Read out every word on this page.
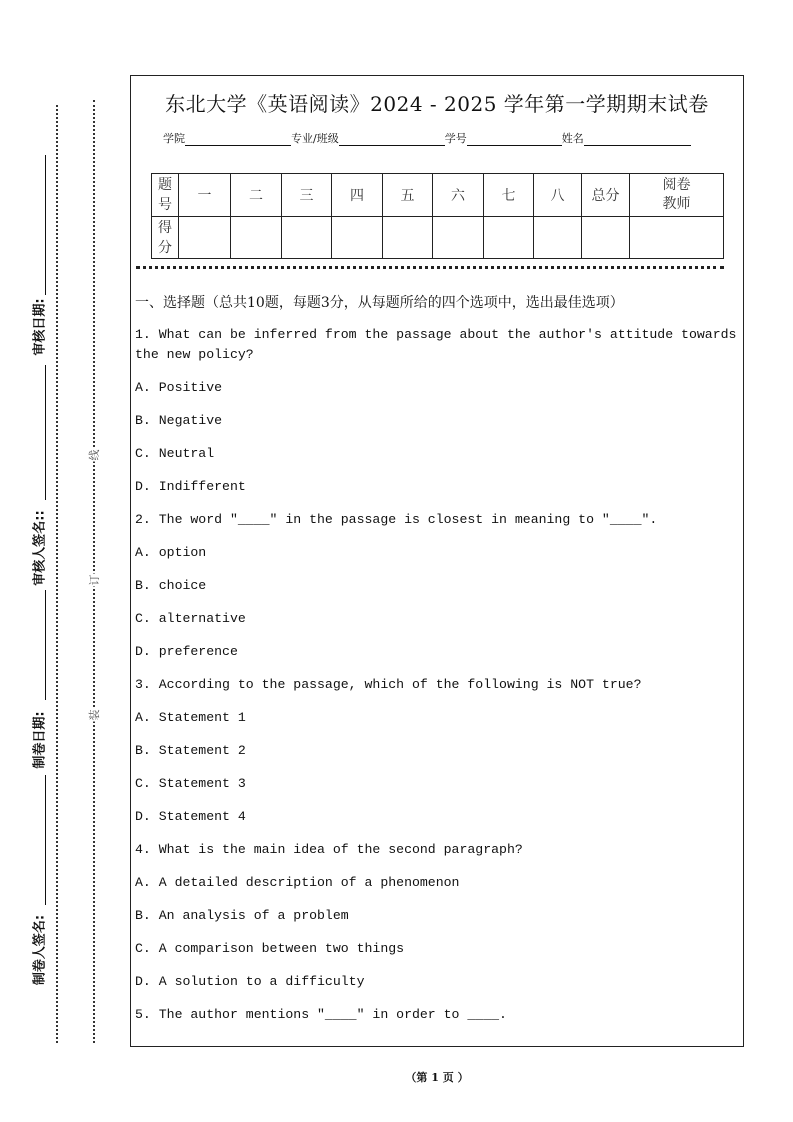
线
订
装
审核日期:
审核人签名::
制卷日期:
制卷人签名:
东北大学《英语阅读》2024 - 2025 学年第一学期期末试卷
学院	专业/班级	学号	姓名
题号	一	二	三	四	五	六	七	八	总分	阅卷教师
得分										
一、选择题（总共10题，每题3分，从每题所给的四个选项中，选出最佳选项）
1. What can be inferred from the passage about the author's attitude towards the new policy?
A. Positive
B. Negative
C. Neutral
D. Indifferent
2. The word "____" in the passage is closest in meaning to "____".
A. option
B. choice
C. alternative
D. preference
3. According to the passage, which of the following is NOT true?
A. Statement 1
B. Statement 2
C. Statement 3
D. Statement 4
4. What is the main idea of the second paragraph?
A. A detailed description of a phenomenon
B. An analysis of a problem
C. A comparison between two things
D. A solution to a difficulty
5. The author mentions "____" in order to ____.
（第 1 页 ）
